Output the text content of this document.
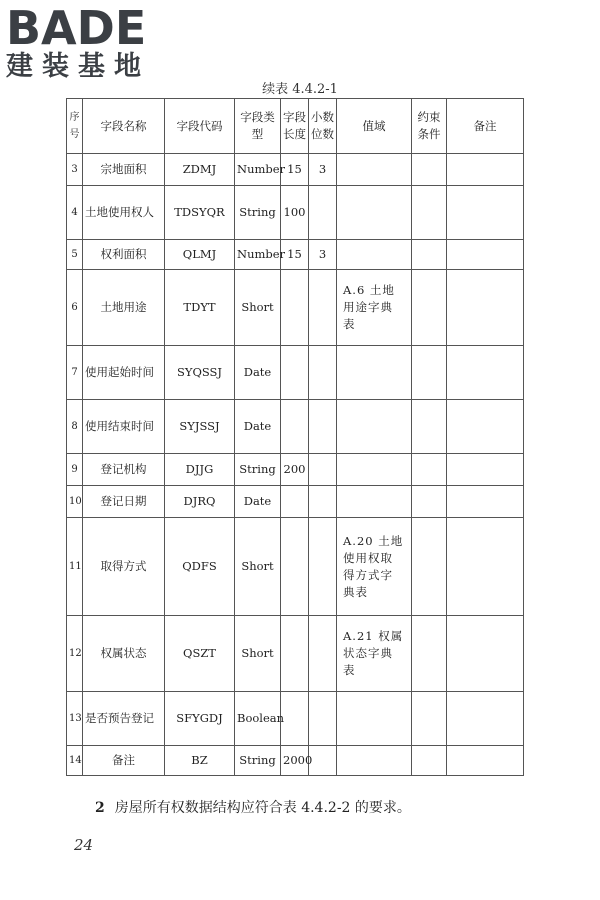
BADE
建装基地
续表 4.4.2-1
序号	字段名称	字段代码	字段类型	字段长度	小数位数	值域	约束条件	备注
3	宗地面积	ZDMJ	Number	15	3			
4	土地使用权人	TDSYQR	String	100				
5	权利面积	QLMJ	Number	15	3			
6	土地用途	TDYT	Short			A.6 土地用途字典表		
7	使用起始时间	SYQSSJ	Date					
8	使用结束时间	SYJSSJ	Date					
9	登记机构	DJJG	String	200				
10	登记日期	DJRQ	Date					
11	取得方式	QDFS	Short			A.20 土地使用权取得方式字典表		
12	权属状态	QSZT	Short			A.21 权属状态字典表		
13	是否预告登记	SFYGDJ	Boolean					
14	备注	BZ	String	2000				
2 房屋所有权数据结构应符合表 4.4.2-2 的要求。
24
